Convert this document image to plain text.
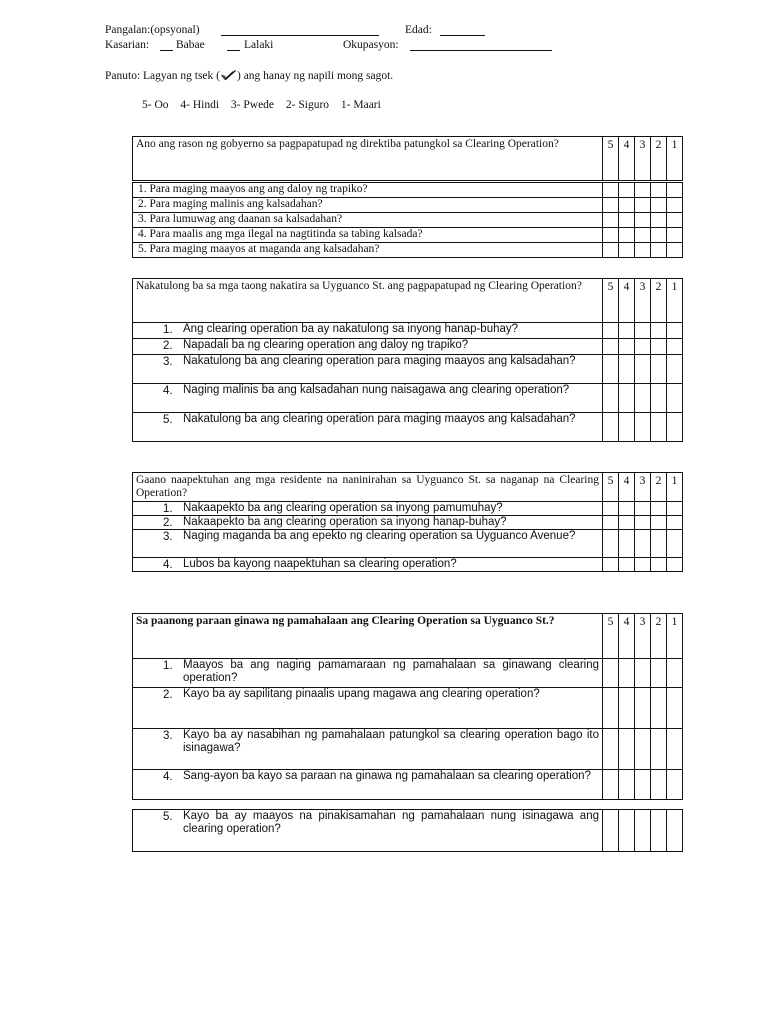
Pangalan:(opsyonal)	Edad:
Kasarian: Babae	Lalaki	Okupasyon:
Panuto: Lagyan ng tsek ( ) ang hanay ng napili mong sagot.
5- Oo 4- Hindi 3- Pwede 2- Siguro 1- Maari
Ano ang rason ng gobyerno sa pagpapatupad ng direktiba patungkol sa Clearing Operation?	5	4	3	2	1

1. Para maging maayos ang ang daloy ng trapiko?					
2. Para maging malinis ang kalsadahan?					
3. Para lumuwag ang daanan sa kalsadahan?					
4. Para maalis ang mga ilegal na nagtitinda sa tabing kalsada?					
5. Para maging maayos at maganda ang kalsadahan?					
Nakatulong ba sa mga taong nakatira sa Uyguanco St. ang pagpapatupad ng Clearing Operation?	5	4	3	2	1

1. Ang clearing operation ba ay nakatulong sa inyong hanap-buhay?					

2. Napadali ba ng clearing operation ang daloy ng trapiko?					

3. Nakatulong ba ang clearing operation para maging maayos ang kalsadahan?					

4. Naging malinis ba ang kalsadahan nung naisagawa ang clearing operation?					

5. Nakatulong ba ang clearing operation para maging maayos ang kalsadahan?					

Gaano naapektuhan ang mga residente na naninirahan sa Uyguanco St. sa naganap na Clearing Operation?	5	4	3	2	1

1. Nakaapekto ba ang clearing operation sa inyong pamumuhay?					

2. Nakaapekto ba ang clearing operation sa inyong hanap-buhay?					

3. Naging maganda ba ang epekto ng clearing operation sa Uyguanco Avenue?					

4. Lubos ba kayong naapektuhan sa clearing operation?					

Sa paanong paraan ginawa ng pamahalaan ang Clearing Operation sa Uyguanco St.?	5	4	3	2	1

1. Maayos ba ang naging pamamaraan ng pamahalaan sa ginawang clearing operation?					

2. Kayo ba ay sapilitang pinaalis upang magawa ang clearing operation?					

3. Kayo ba ay nasabihan ng pamahalaan patungkol sa clearing operation bago ito isinagawa?					

4. Sang-ayon ba kayo sa paraan na ginawa ng pamahalaan sa clearing operation?					

5. Kayo ba ay maayos na pinakisamahan ng pamahalaan nung isinagawa ang clearing operation?
